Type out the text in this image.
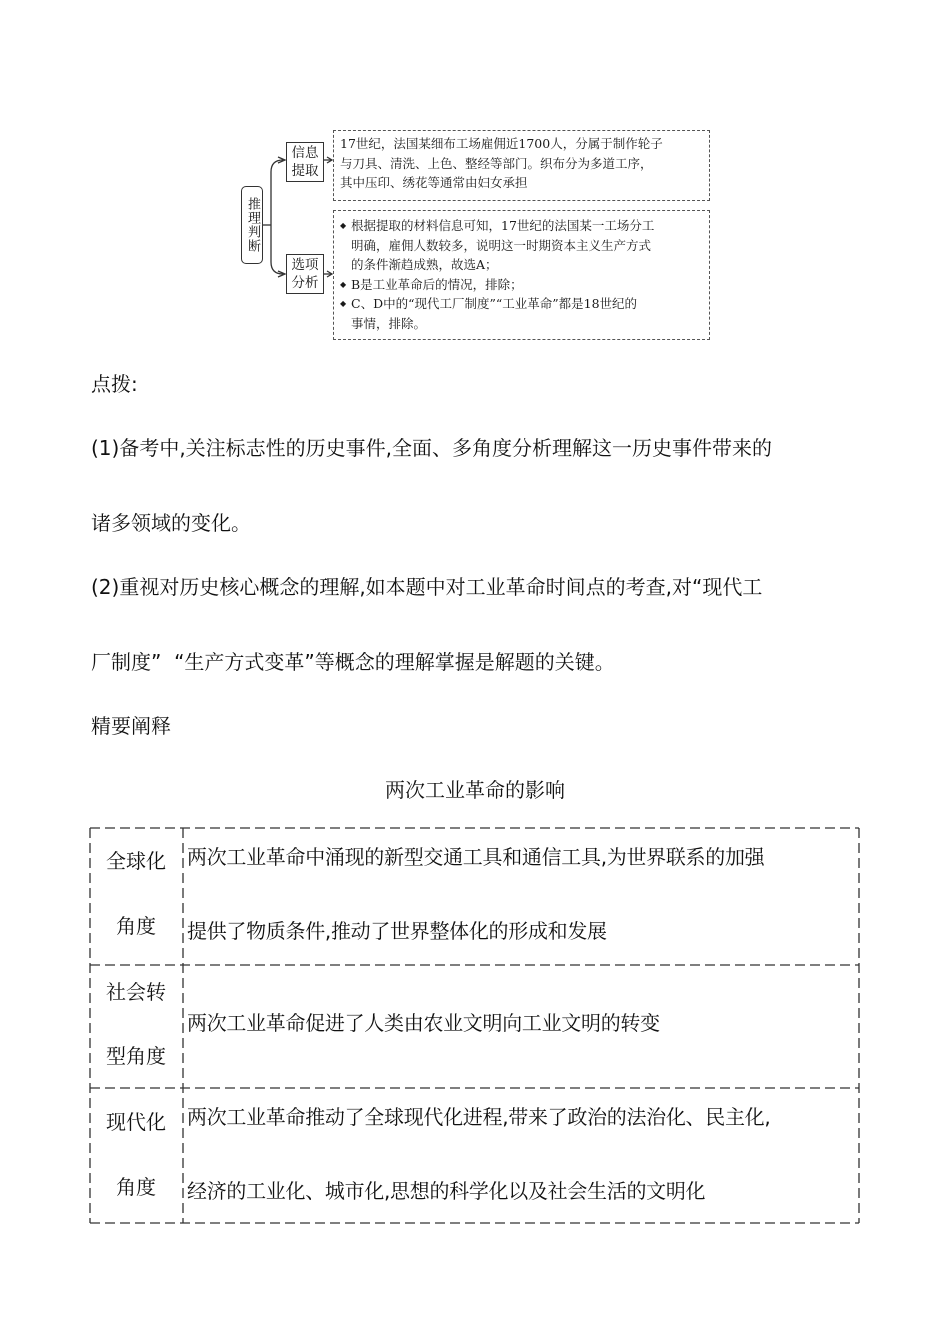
推理判断
信息
提取
选项
分析
17世纪，法国某细布工场雇佣近1700人，分属于制作轮子
与刀具、清洗、上色、整经等部门。织布分为多道工序，
其中压印、绣花等通常由妇女承担
◆ 根据提取的材料信息可知，17世纪的法国某一工场分工
明确，雇佣人数较多，说明这一时期资本主义生产方式
的条件渐趋成熟，故选A；
◆ B是工业革命后的情况，排除；
◆ C、D中的“现代工厂制度”“工业革命”都是18世纪的
事情，排除。
点拨:
(1)备考中,关注标志性的历史事件,全面、多角度分析理解这一历史事件带来的
诸多领域的变化。
(2)重视对历史核心概念的理解,如本题中对工业革命时间点的考查,对“现代工
厂制度”  “生产方式变革”等概念的理解掌握是解题的关键。
精要阐释
两次工业革命的影响
全球化
角度
两次工业革命中涌现的新型交通工具和通信工具,为世界联系的加强
提供了物质条件,推动了世界整体化的形成和发展
社会转
型角度
两次工业革命促进了人类由农业文明向工业文明的转变
现代化
角度
两次工业革命推动了全球现代化进程,带来了政治的法治化、民主化,
经济的工业化、城市化,思想的科学化以及社会生活的文明化
